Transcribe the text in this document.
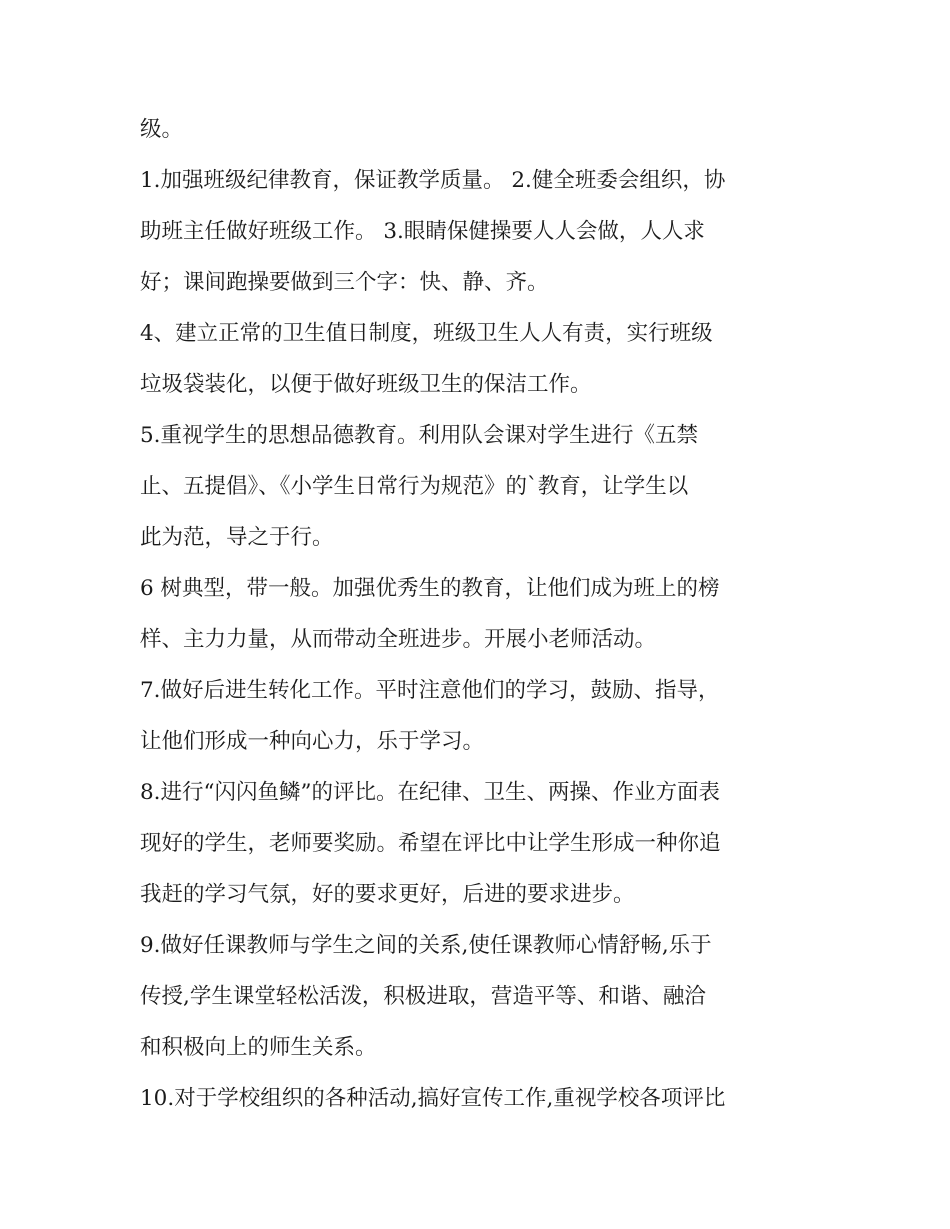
级。
1.加强班级纪律教育，保证教学质量。 2.健全班委会组织，协
助班主任做好班级工作。 3.眼睛保健操要人人会做，人人求
好；课间跑操要做到三个字：快、静、齐。
4、建立正常的卫生值日制度，班级卫生人人有责，实行班级
垃圾袋装化，以便于做好班级卫生的保洁工作。
5.重视学生的思想品德教育。利用队会课对学生进行《五禁
止、五提倡》、《小学生日常行为规范》的`教育，让学生以
此为范，导之于行。
6 树典型，带一般。加强优秀生的教育，让他们成为班上的榜
样、主力力量，从而带动全班进步。开展小老师活动。
7.做好后进生转化工作。平时注意他们的学习，鼓励、指导，
让他们形成一种向心力，乐于学习。
8.进行“闪闪鱼鳞”的评比。在纪律、卫生、两操、作业方面表
现好的学生，老师要奖励。希望在评比中让学生形成一种你追
我赶的学习气氛，好的要求更好，后进的要求进步。
9.做好任课教师与学生之间的关系,使任课教师心情舒畅,乐于
传授,学生课堂轻松活泼，积极进取，营造平等、和谐、融洽
和积极向上的师生关系。
10.对于学校组织的各种活动,搞好宣传工作,重视学校各项评比
